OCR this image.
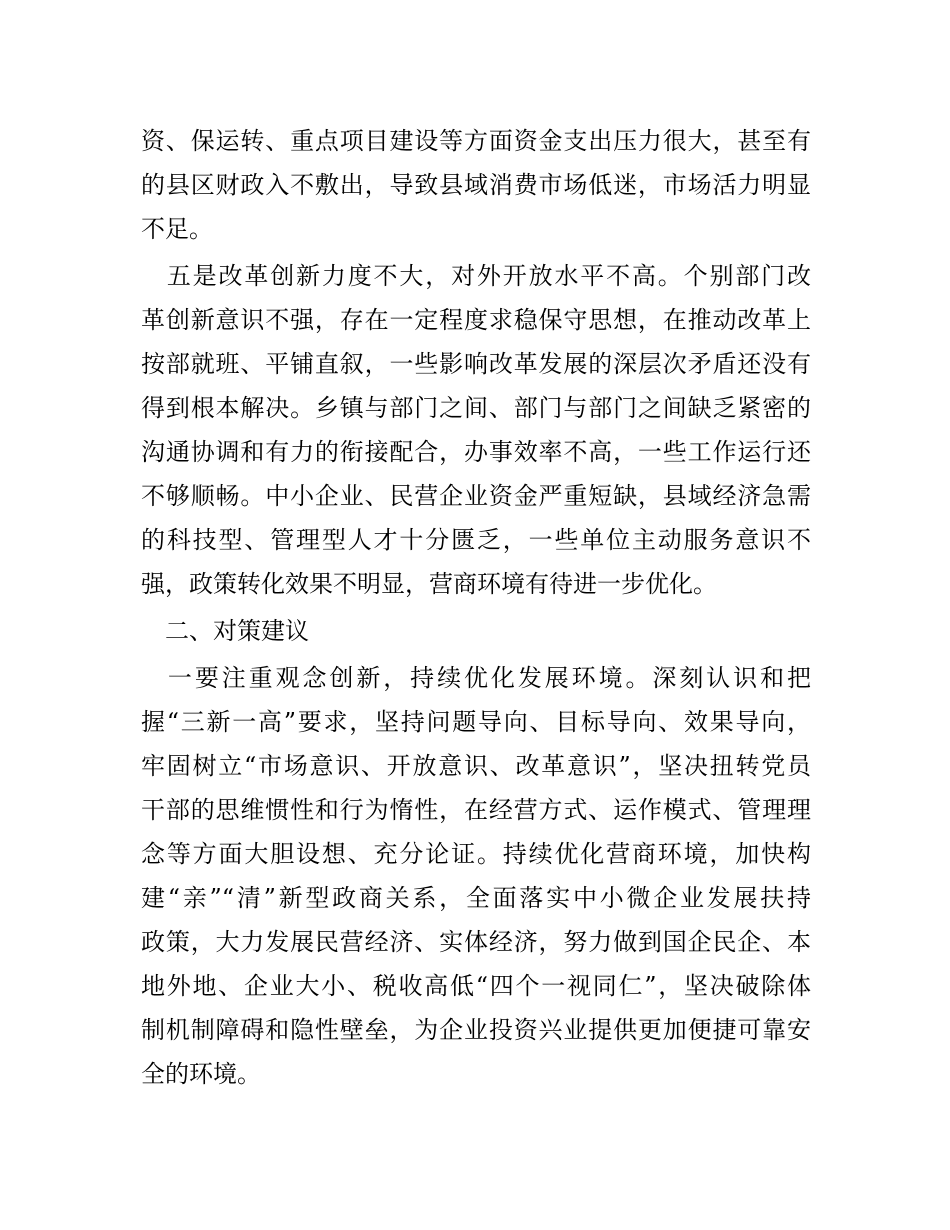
资、保运转、重点项目建设等方面资金支出压力很大，甚至有
的县区财政入不敷出，导致县域消费市场低迷，市场活力明显
不足。
　五是改革创新力度不大，对外开放水平不高。个别部门改
革创新意识不强，存在一定程度求稳保守思想，在推动改革上
按部就班、平铺直叙，一些影响改革发展的深层次矛盾还没有
得到根本解决。乡镇与部门之间、部门与部门之间缺乏紧密的
沟通协调和有力的衔接配合，办事效率不高，一些工作运行还
不够顺畅。中小企业、民营企业资金严重短缺，县域经济急需
的科技型、管理型人才十分匮乏，一些单位主动服务意识不
强，政策转化效果不明显，营商环境有待进一步优化。
　二、对策建议
　一要注重观念创新，持续优化发展环境。深刻认识和把
握“三新一高”要求，坚持问题导向、目标导向、效果导向，
牢固树立“市场意识、开放意识、改革意识”，坚决扭转党员
干部的思维惯性和行为惰性，在经营方式、运作模式、管理理
念等方面大胆设想、充分论证。持续优化营商环境，加快构
建“亲”“清”新型政商关系，全面落实中小微企业发展扶持
政策，大力发展民营经济、实体经济，努力做到国企民企、本
地外地、企业大小、税收高低“四个一视同仁”，坚决破除体
制机制障碍和隐性壁垒，为企业投资兴业提供更加便捷可靠安
全的环境。
